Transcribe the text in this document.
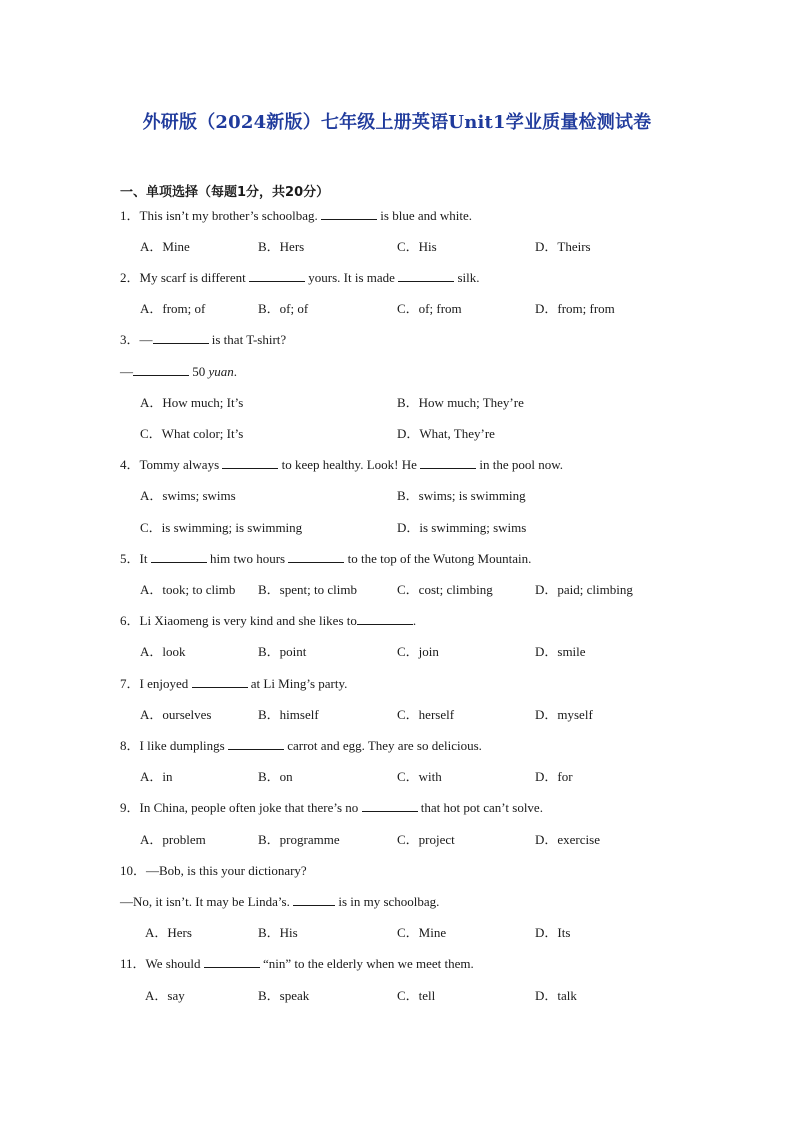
外研版（2024新版）七年级上册英语Unit1学业质量检测试卷
一、单项选择（每题1分，共20分）
1．This isn’t my brother’s schoolbag.	is blue and white.
A．Mine	B．Hers	C．His	D．Theirs
2．My scarf is different	yours. It is made	silk.
A．from; of	B．of; of	C．of; from	D．from; from
3．—	is that T-shirt?
—	50 yuan.
A．How much; It’s	B．How much; They’re
C．What color; It’s	D．What, They’re
4．Tommy always	to keep healthy. Look! He	in the pool now.
A．swims; swims	B．swims; is swimming
C．is swimming; is swimming	D．is swimming; swims
5．It	him two hours	to the top of the Wutong Mountain.
A．took; to climb B．spent; to climb	C．cost; climbing	D．paid; climbing
6．Li Xiaomeng is very kind and she likes to	.
A．look	B．point	C．join	D．smile
7．I enjoyed	at Li Ming’s party.
A．ourselves	B．himself	C．herself	D．myself
8．I like dumplings	carrot and egg. They are so delicious.
A．in	B．on	C．with	D．for
9．In China, people often joke that there’s no	that hot pot can’t solve.
A．problem	B．programme	C．project	D．exercise
10．—Bob, is this your dictionary?
—No, it isn’t. It may be Linda’s.	is in my schoolbag.
A．Hers	B．His	C．Mine	D．Its
11．We should	“nin” to the elderly when we meet them.
A．say	B．speak	C．tell	D．talk
